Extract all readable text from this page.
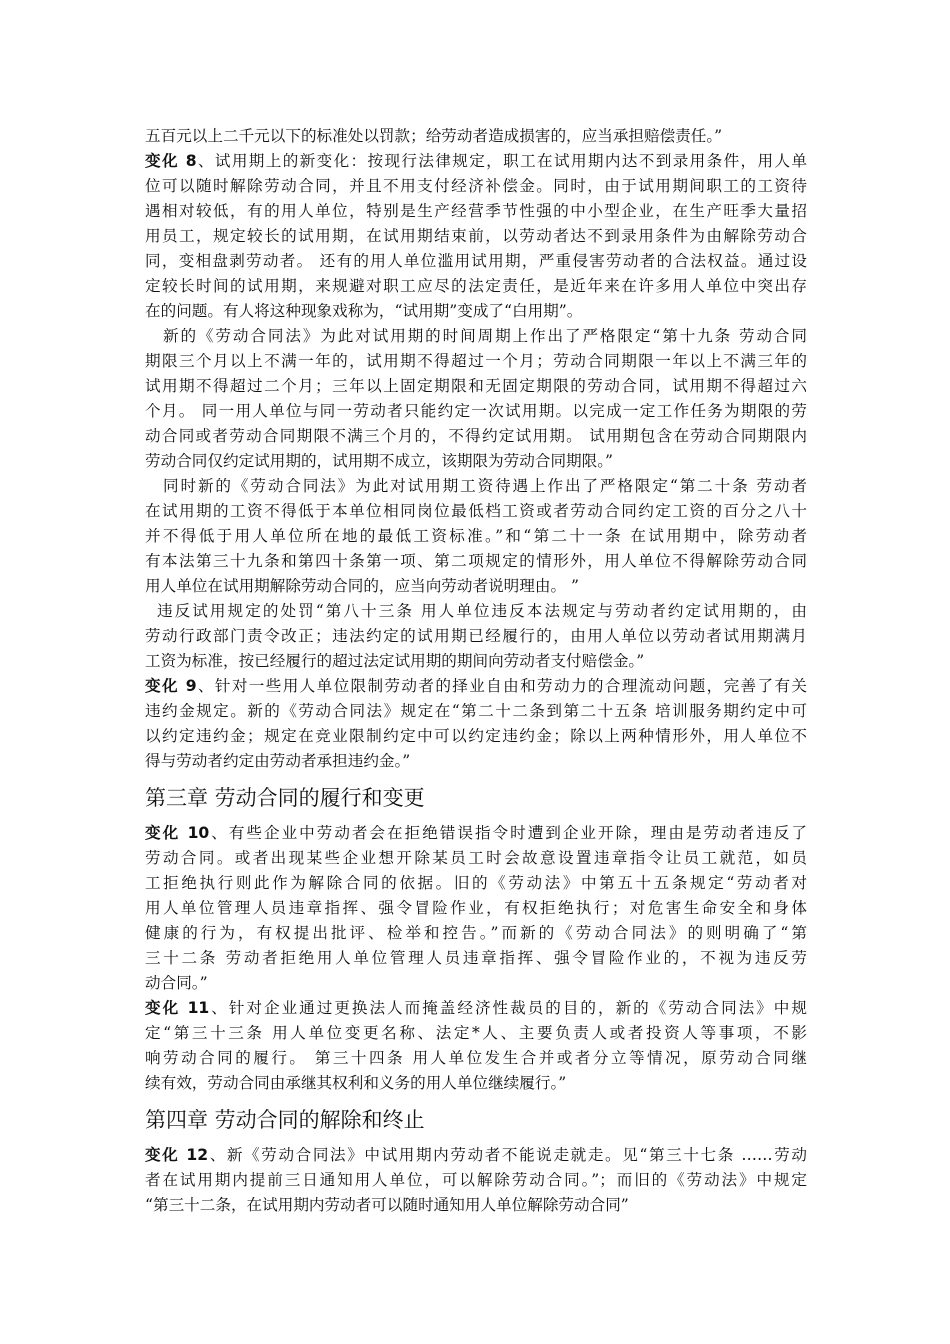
五百元以上二千元以下的标准处以罚款；给劳动者造成损害的，应当承担赔偿责任。”
变化 8、试用期上的新变化：按现行法律规定，职工在试用期内达不到录用条件，用人单
位可以随时解除劳动合同，并且不用支付经济补偿金。同时，由于试用期间职工的工资待
遇相对较低，有的用人单位，特别是生产经营季节性强的中小型企业，在生产旺季大量招
用员工，规定较长的试用期，在试用期结束前，以劳动者达不到录用条件为由解除劳动合
同，变相盘剥劳动者。 还有的用人单位滥用试用期，严重侵害劳动者的合法权益。通过设
定较长时间的试用期，来规避对职工应尽的法定责任，是近年来在许多用人单位中突出存
在的问题。有人将这种现象戏称为，“试用期”变成了“白用期”。
新的《劳动合同法》为此对试用期的时间周期上作出了严格限定“第十九条 劳动合同
期限三个月以上不满一年的，试用期不得超过一个月；劳动合同期限一年以上不满三年的
试用期不得超过二个月；三年以上固定期限和无固定期限的劳动合同，试用期不得超过六
个月。 同一用人单位与同一劳动者只能约定一次试用期。以完成一定工作任务为期限的劳
动合同或者劳动合同期限不满三个月的，不得约定试用期。 试用期包含在劳动合同期限内
劳动合同仅约定试用期的，试用期不成立，该期限为劳动合同期限。”
同时新的《劳动合同法》为此对试用期工资待遇上作出了严格限定“第二十条 劳动者
在试用期的工资不得低于本单位相同岗位最低档工资或者劳动合同约定工资的百分之八十
并不得低于用人单位所在地的最低工资标准。”和“第二十一条 在试用期中，除劳动者
有本法第三十九条和第四十条第一项、第二项规定的情形外，用人单位不得解除劳动合同
用人单位在试用期解除劳动合同的，应当向劳动者说明理由。 ”
违反试用规定的处罚“第八十三条 用人单位违反本法规定与劳动者约定试用期的，由
劳动行政部门责令改正；违法约定的试用期已经履行的，由用人单位以劳动者试用期满月
工资为标准，按已经履行的超过法定试用期的期间向劳动者支付赔偿金。”
变化 9、针对一些用人单位限制劳动者的择业自由和劳动力的合理流动问题，完善了有关
违约金规定。新的《劳动合同法》规定在“第二十二条到第二十五条 培训服务期约定中可
以约定违约金；规定在竞业限制约定中可以约定违约金；除以上两种情形外，用人单位不
得与劳动者约定由劳动者承担违约金。”
第三章 劳动合同的履行和变更
变化 10、有些企业中劳动者会在拒绝错误指令时遭到企业开除，理由是劳动者违反了
劳动合同。或者出现某些企业想开除某员工时会故意设置违章指令让员工就范，如员
工拒绝执行则此作为解除合同的依据。旧的《劳动法》中第五十五条规定“劳动者对
用人单位管理人员违章指挥、强令冒险作业，有权拒绝执行；对危害生命安全和身体
健康的行为，有权提出批评、检举和控告。”而新的《劳动合同法》的则明确了“第
三十二条 劳动者拒绝用人单位管理人员违章指挥、强令冒险作业的，不视为违反劳
动合同。”
变化 11、针对企业通过更换法人而掩盖经济性裁员的目的，新的《劳动合同法》中规
定“第三十三条 用人单位变更名称、法定*人、主要负责人或者投资人等事项，不影
响劳动合同的履行。 第三十四条 用人单位发生合并或者分立等情况，原劳动合同继
续有效，劳动合同由承继其权利和义务的用人单位继续履行。”
第四章 劳动合同的解除和终止
变化 12、新《劳动合同法》中试用期内劳动者不能说走就走。见“第三十七条 ……劳动
者在试用期内提前三日通知用人单位，可以解除劳动合同。”；而旧的《劳动法》中规定
“第三十二条，在试用期内劳动者可以随时通知用人单位解除劳动合同”
